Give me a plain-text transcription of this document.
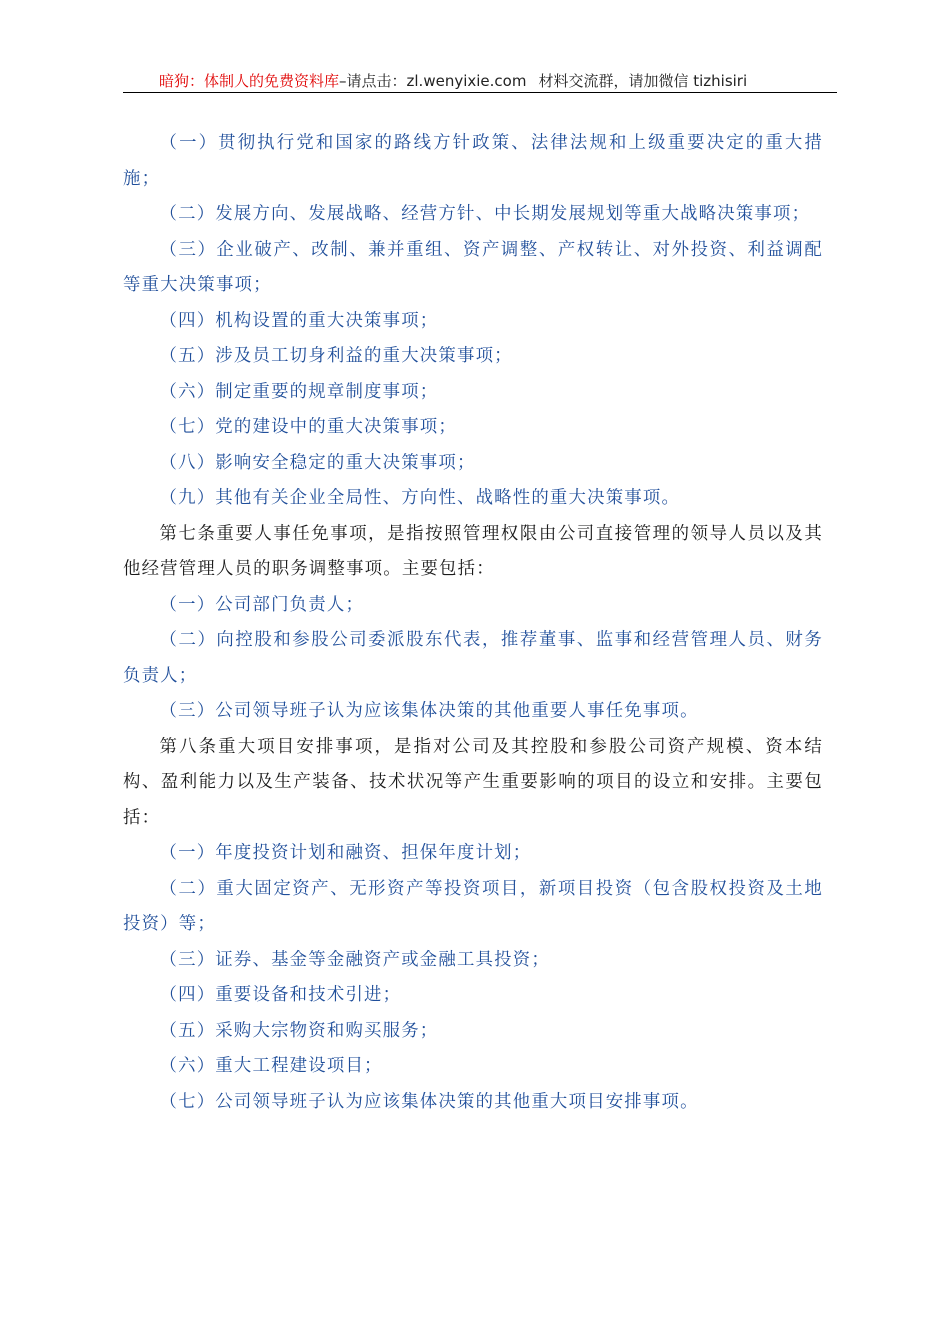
暗狗：体制人的免费资料库–请点击：zl.wenyixie.com 材料交流群，请加微信 tizhisiri

（一）贯彻执行党和国家的路线方针政策、法律法规和上级重要决定的重大措施；

（二）发展方向、发展战略、经营方针、中长期发展规划等重大战略决策事项；

（三）企业破产、改制、兼并重组、资产调整、产权转让、对外投资、利益调配等重大决策事项；

（四）机构设置的重大决策事项；

（五）涉及员工切身利益的重大决策事项；

（六）制定重要的规章制度事项；

（七）党的建设中的重大决策事项；

（八）影响安全稳定的重大决策事项；

（九）其他有关企业全局性、方向性、战略性的重大决策事项。

第七条重要人事任免事项，是指按照管理权限由公司直接管理的领导人员以及其他经营管理人员的职务调整事项。主要包括：

（一）公司部门负责人；

（二）向控股和参股公司委派股东代表，推荐董事、监事和经营管理人员、财务负责人；

（三）公司领导班子认为应该集体决策的其他重要人事任免事项。

第八条重大项目安排事项，是指对公司及其控股和参股公司资产规模、资本结构、盈利能力以及生产装备、技术状况等产生重要影响的项目的设立和安排。主要包括：

（一）年度投资计划和融资、担保年度计划；

（二）重大固定资产、无形资产等投资项目，新项目投资（包含股权投资及土地投资）等；

（三）证券、基金等金融资产或金融工具投资；

（四）重要设备和技术引进；

（五）采购大宗物资和购买服务；

（六）重大工程建设项目；

（七）公司领导班子认为应该集体决策的其他重大项目安排事项。
